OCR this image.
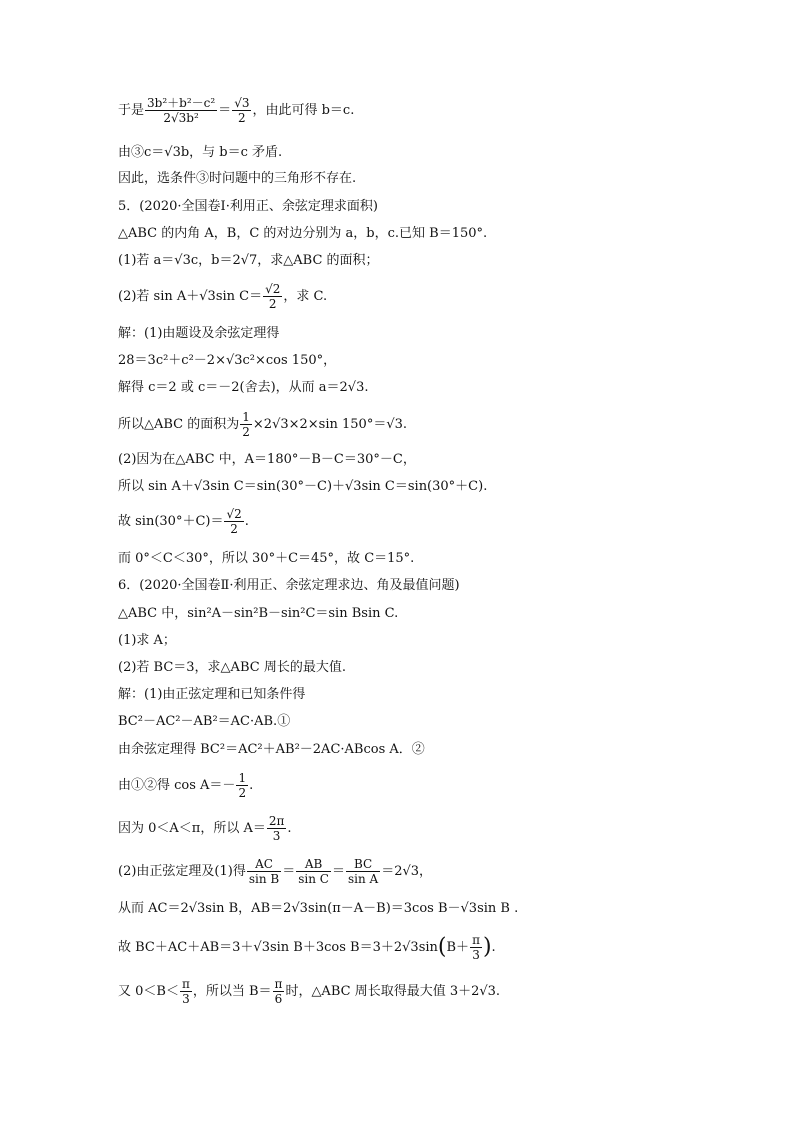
于是 $\frac{\text{3b²＋b²－c²}}{\text{2√3b²}} = \frac{√3}{2}$ ，由此可得 b＝c.
由③c＝√3b，与 b＝c 矛盾.
因此，选条件③时问题中的三角形不存在.
5．(2020·全国卷Ⅰ·利用正、余弦定理求面积)
△ABC 的内角 A，B，C 的对边分别为 a，b，c.已知 B＝150°.
(1)若 a＝√3c，b＝2√7，求△ABC 的面积；
(2)若 sin A＋√3sin $C= \frac{√2}{2}$ ，求 C.
解：(1)由题设及余弦定理得
28＝3c²＋c²－2×√3c²×cos 150°，
解得 c＝2 或 c＝－2(舍去)，从而 a＝2√3.
所以△ABC 的面积为 $\frac{1}{2} \times 2√3\times 2\times\sin$ 150°＝√3.
(2)因为在△ABC 中，A＝180°－B－C＝30°－C，
所以 sin A＋√3sin C＝sin(30°－C)＋√3sin C＝sin(30°＋C).
故 $\sin(30^\circ+C)= \frac{√2}{2}$ .
而 0°＜C＜30°，所以 30°＋C＝45°，故 C＝15°.
6．(2020·全国卷Ⅱ·利用正、余弦定理求边、角及最值问题)
△ABC 中，sin²A－sin²B－sin²C＝sin Bsin C.
(1)求 A；
(2)若 BC＝3，求△ABC 周长的最大值.
解：(1)由正弦定理和已知条件得
BC²－AC²－AB²＝AC·AB.①
由余弦定理得 BC²＝AC²＋AB²－2AC·ABcos A．②
由①②得 $\cos A=- \frac{1}{2}$ .
因为 0＜A＜π，所以 $A= \frac{2\pi}{3}$ .
(2)由正弦定理及(1)得 $\frac{AC}{\text{sin B}} = \frac{AB}{\text{sin C}} = \frac{BC}{\text{sin A}} =2√3$，
从而 AC＝2√3sin B，AB＝2√3sin(π－A－B)＝3cos B－√3sin B .
故 BC＋AC＋AB＝3＋√3sin B＋3cos $B=3+2√3\sin(B+ \frac{\pi}{3}$ ).
又 $0<B< \frac{\pi}{3}$ ，所以当 $B= \frac{\pi}{6}$ 时，△ABC 周长取得最大值 3＋2√3.
